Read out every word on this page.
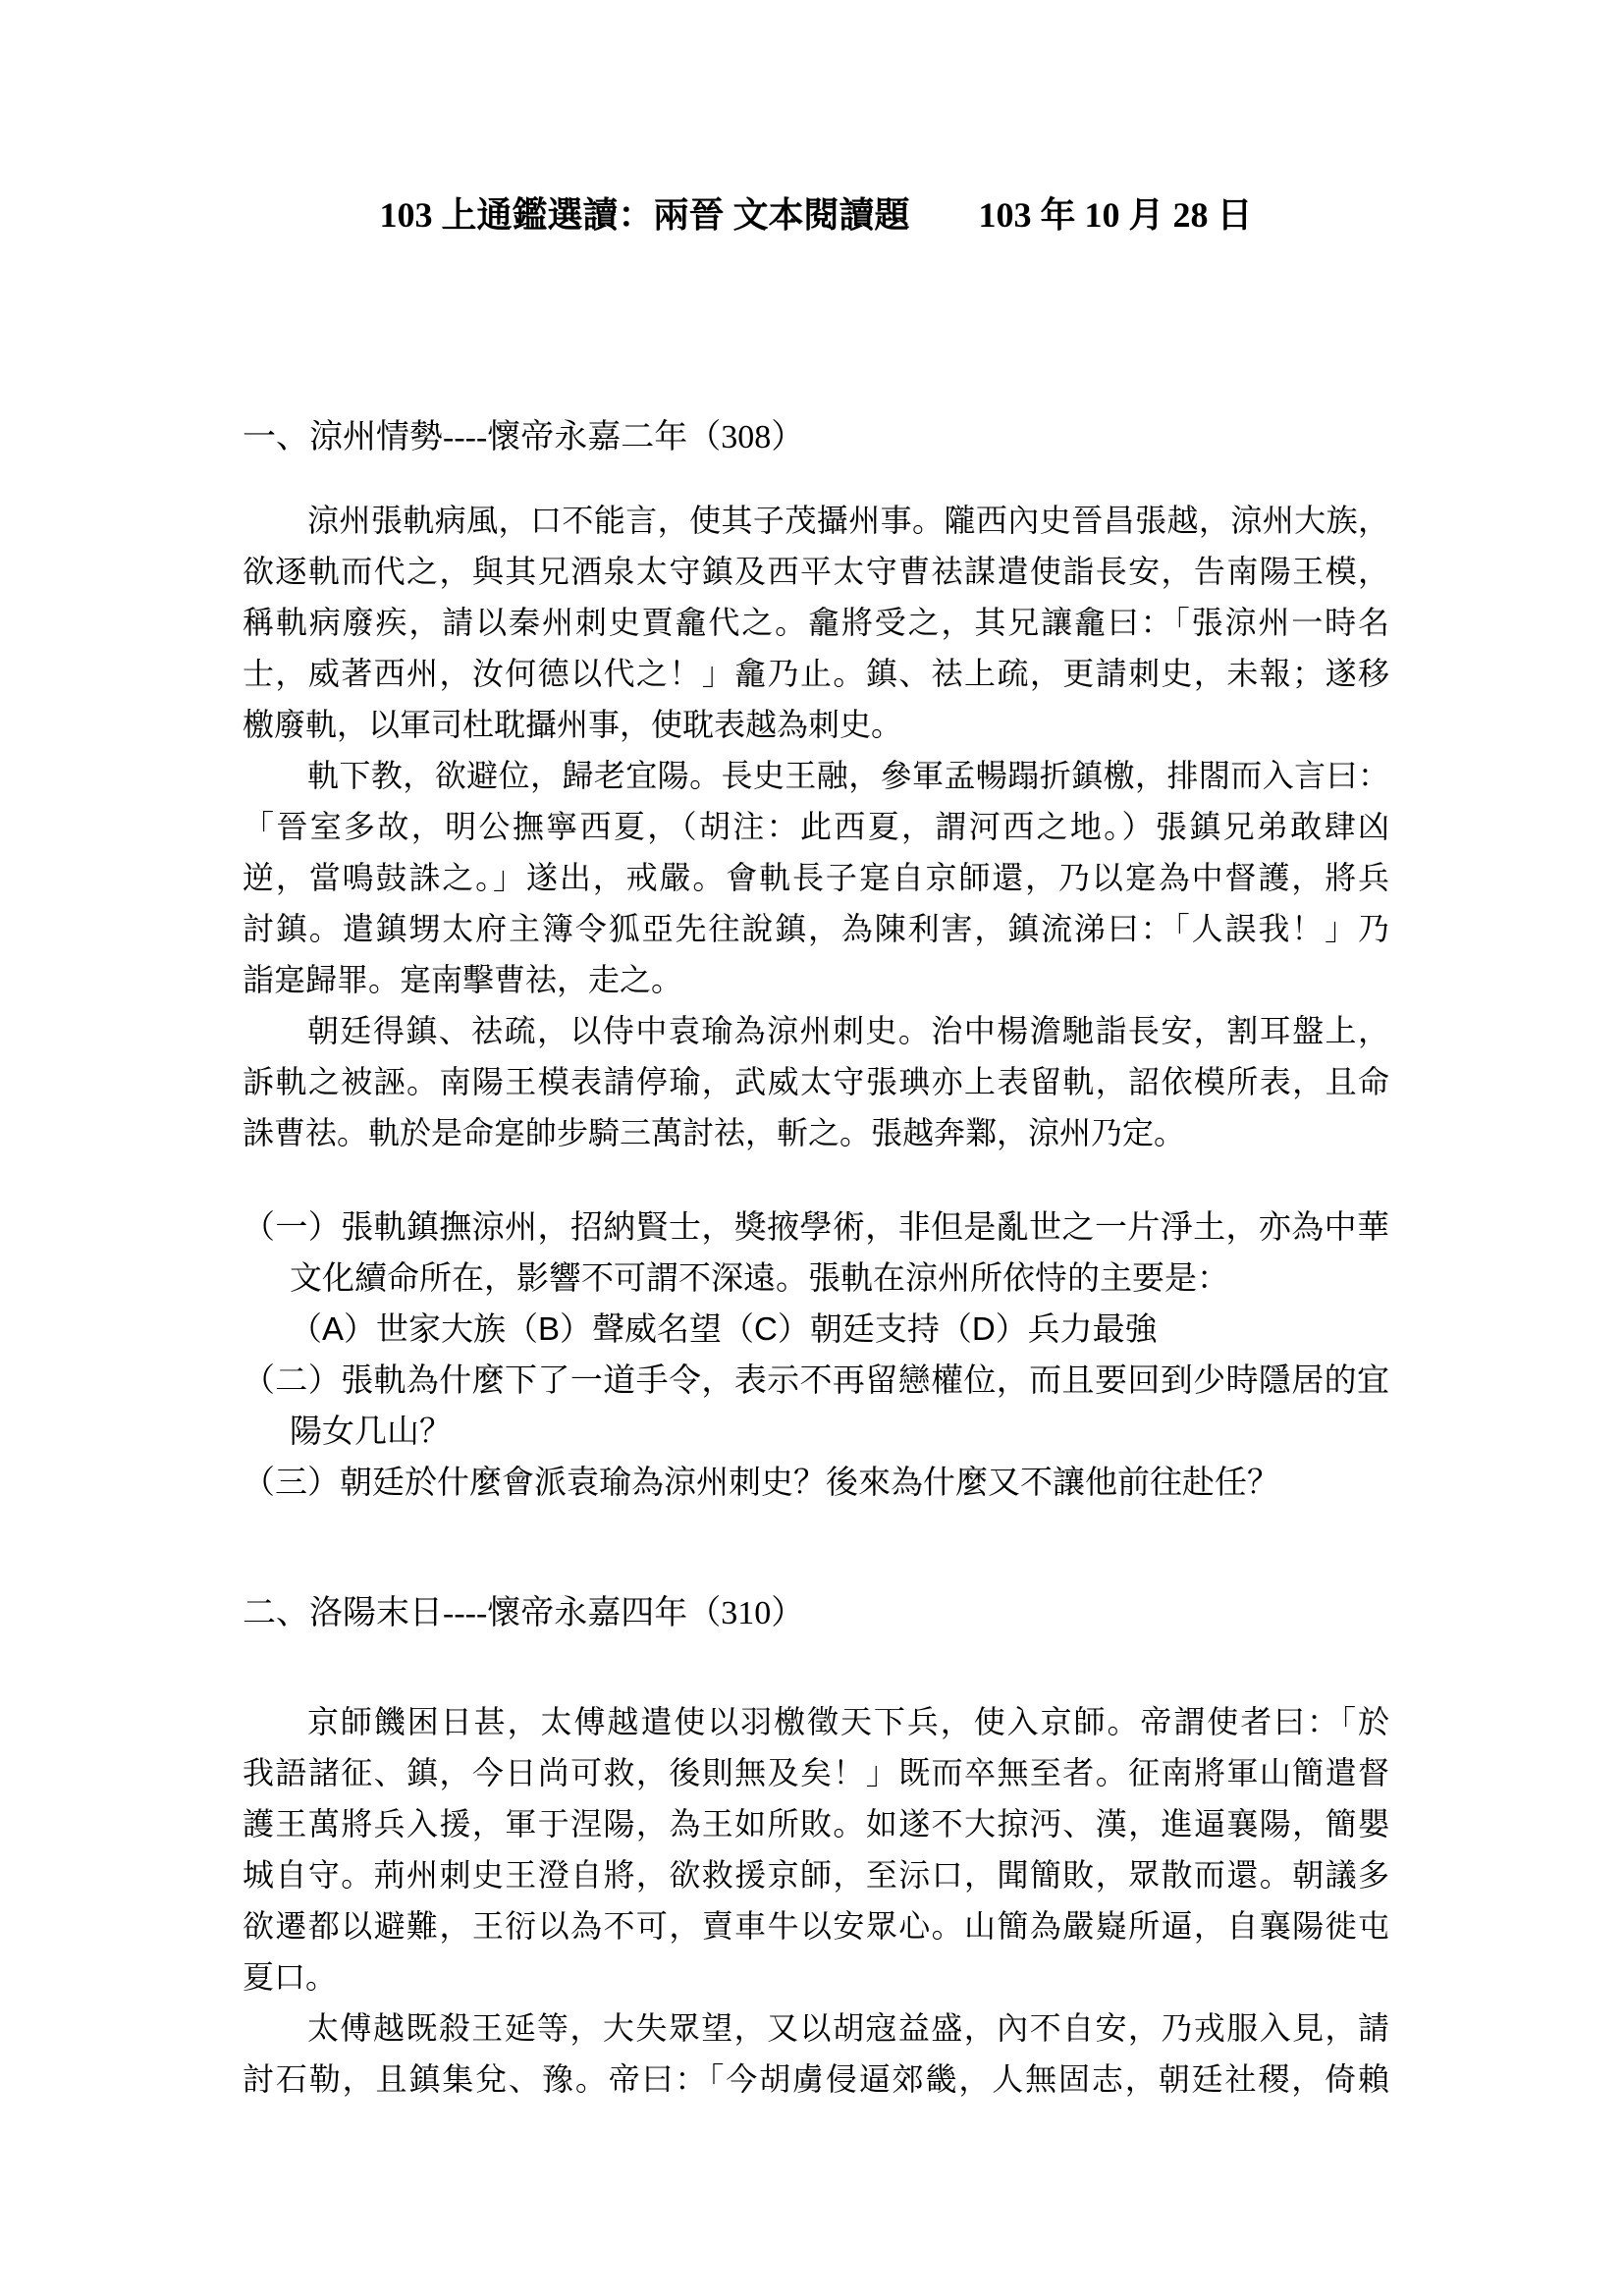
103 上通鑑選讀：兩晉 文本閱讀題 103 年 10 月 28 日
一、涼州情勢----懷帝永嘉二年（308）
涼州張軌病風，口不能言，使其子茂攝州事。隴西內史晉昌張越，涼州大族，
欲逐軌而代之，與其兄酒泉太守鎮及西平太守曹祛謀遣使詣長安，告南陽王模，
稱軌病廢疾，請以秦州刺史賈龕代之。龕將受之，其兄讓龕曰：「張涼州一時名
士，威著西州，汝何德以代之！」龕乃止。鎮、祛上疏，更請刺史，未報；遂移
檄廢軌，以軍司杜耽攝州事，使耽表越為刺史。
軌下教，欲避位，歸老宜陽。長史王融，參軍孟暢蹋折鎮檄，排閤而入言曰：
「晉室多故，明公撫寧西夏，（胡注：此西夏，謂河西之地。）張鎮兄弟敢肆凶
逆，當鳴鼓誅之。」遂出，戒嚴。會軌長子寔自京師還，乃以寔為中督護，將兵
討鎮。遣鎮甥太府主簿令狐亞先往說鎮，為陳利害，鎮流涕曰：「人誤我！」乃
詣寔歸罪。寔南擊曹祛，走之。
朝廷得鎮、祛疏，以侍中袁瑜為涼州刺史。治中楊澹馳詣長安，割耳盤上，
訴軌之被誣。南陽王模表請停瑜，武威太守張琠亦上表留軌，詔依模所表，且命
誅曹祛。軌於是命寔帥步騎三萬討祛，斬之。張越奔鄴，涼州乃定。
（一）張軌鎮撫涼州，招納賢士，獎掖學術，非但是亂世之一片淨土，亦為中華
文化續命所在，影響不可謂不深遠。張軌在涼州所依恃的主要是：
（A）世家大族（B）聲威名望（C）朝廷支持（D）兵力最強
（二）張軌為什麼下了一道手令，表示不再留戀權位，而且要回到少時隱居的宜
陽女几山？
（三）朝廷於什麼會派袁瑜為涼州刺史？後來為什麼又不讓他前往赴任？
二、洛陽末日----懷帝永嘉四年（310）
京師饑困日甚，太傅越遣使以羽檄徵天下兵，使入京師。帝謂使者曰：「於
我語諸征、鎮，今日尚可救，後則無及矣！」既而卒無至者。征南將軍山簡遣督
護王萬將兵入援，軍于涅陽，為王如所敗。如遂不大掠沔、漢，進逼襄陽，簡嬰
城自守。荊州刺史王澄自將，欲救援京師，至沶口，聞簡敗，眾散而還。朝議多
欲遷都以避難，王衍以為不可，賣車牛以安眾心。山簡為嚴嶷所逼，自襄陽徙屯
夏口。
太傅越既殺王延等，大失眾望，又以胡寇益盛，內不自安，乃戎服入見，請
討石勒，且鎮集兌、豫。帝曰：「今胡虜侵逼郊畿，人無固志，朝廷社稷，倚賴
